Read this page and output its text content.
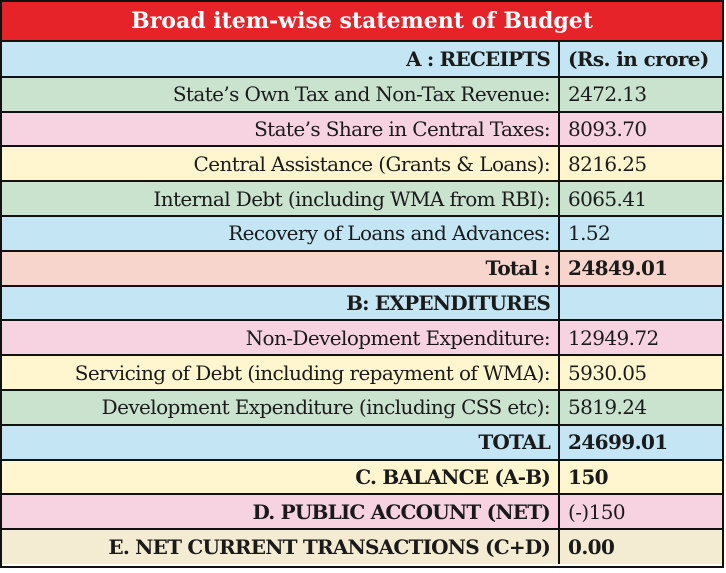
Broad item-wise statement of Budget
A : RECEIPTS	(Rs. in crore)
State’s Own Tax and Non-Tax Revenue:	2472.13
State’s Share in Central Taxes:	8093.70
Central Assistance (Grants & Loans):	8216.25
Internal Debt (including WMA from RBI):	6065.41
Recovery of Loans and Advances:	1.52
Total :	24849.01
B: EXPENDITURES	
Non-Development Expenditure:	12949.72
Servicing of Debt (including repayment of WMA):	5930.05
Development Expenditure (including CSS etc):	5819.24
TOTAL	24699.01
C. BALANCE (A-B)	150
D. PUBLIC ACCOUNT (NET)	(-)150
E. NET CURRENT TRANSACTIONS (C+D)	0.00
